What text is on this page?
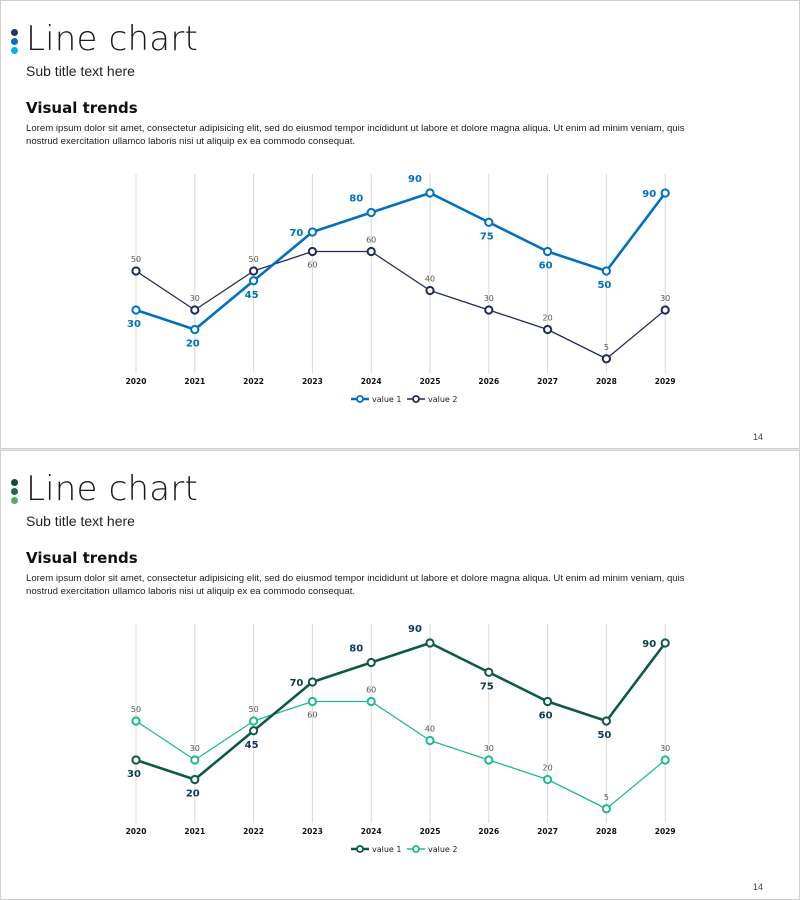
Line chart
Sub title text here
Visual trends
Lorem ipsum dolor sit amet, consectetur adipisicing elit, sed do eiusmod tempor incididunt ut labore et dolore magna aliqua. Ut enim ad minim veniam, quis nostrud exercitation ullamco laboris nisi ut aliquip ex ea commodo consequat.
2020	2021	2022	2023	2024	2025	2026	2027	2028	2029
30
20
45
70
80
90
75
60
50
90
50
30
50
60
60
40
30
20
5
30
value 1	value 2
14
Line chart
Sub title text here
Visual trends
Lorem ipsum dolor sit amet, consectetur adipisicing elit, sed do eiusmod tempor incididunt ut labore et dolore magna aliqua. Ut enim ad minim veniam, quis nostrud exercitation ullamco laboris nisi ut aliquip ex ea commodo consequat.
2020	2021	2022	2023	2024	2025	2026	2027	2028	2029
30
20
45
70
80
90
75
60
50
90
50
30
50
60
60
40
30
20
5
30
value 1	value 2
14
